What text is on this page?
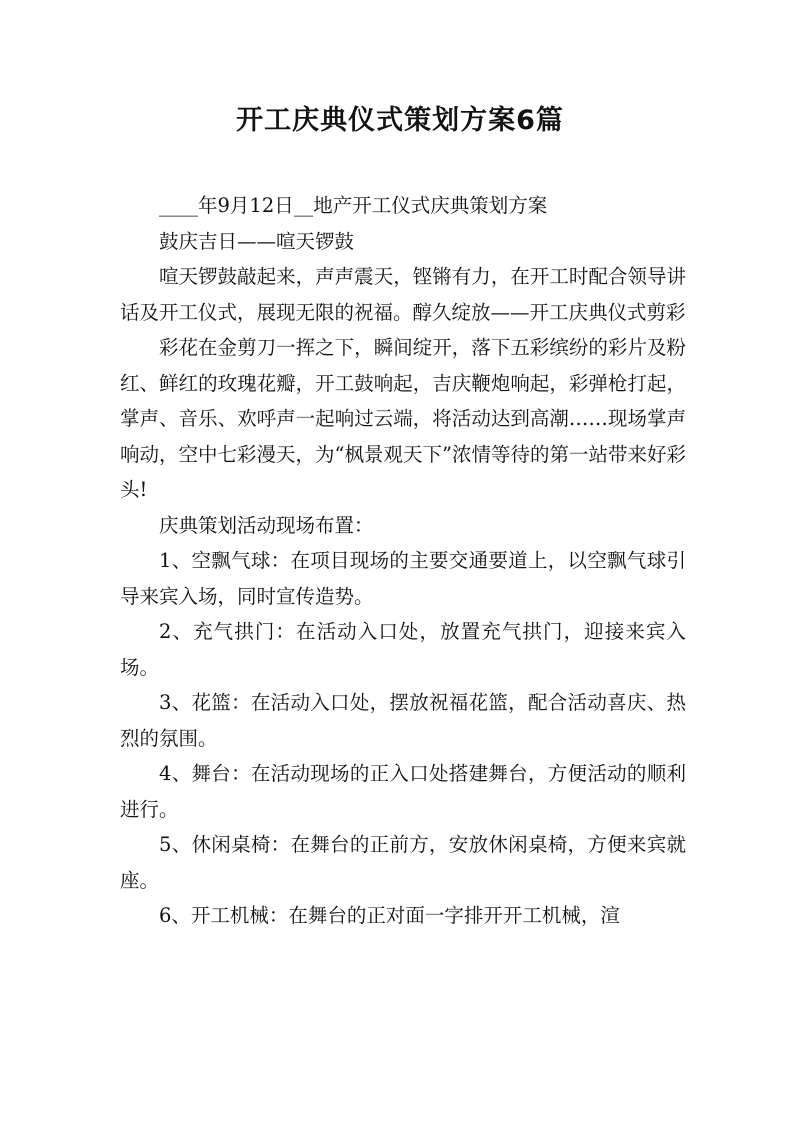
开工庆典仪式策划方案6篇

____年9月12日__地产开工仪式庆典策划方案

鼓庆吉日——喧天锣鼓

喧天锣鼓敲起来，声声震天，铿锵有力，在开工时配合领导讲话及开工仪式，展现无限的祝福。醇久绽放——开工庆典仪式剪彩

彩花在金剪刀一挥之下，瞬间绽开，落下五彩缤纷的彩片及粉红、鲜红的玫瑰花瓣，开工鼓响起，吉庆鞭炮响起，彩弹枪打起，掌声、音乐、欢呼声一起响过云端，将活动达到高潮……现场掌声响动，空中七彩漫天，为“枫景观天下”浓情等待的第一站带来好彩头!

庆典策划活动现场布置：

1、空飘气球：在项目现场的主要交通要道上，以空飘气球引导来宾入场，同时宣传造势。

2、充气拱门：在活动入口处，放置充气拱门，迎接来宾入场。

3、花篮：在活动入口处，摆放祝福花篮，配合活动喜庆、热烈的氛围。

4、舞台：在活动现场的正入口处搭建舞台，方便活动的顺利进行。

5、休闲桌椅：在舞台的正前方，安放休闲桌椅，方便来宾就座。

6、开工机械：在舞台的正对面一字排开开工机械，渲
